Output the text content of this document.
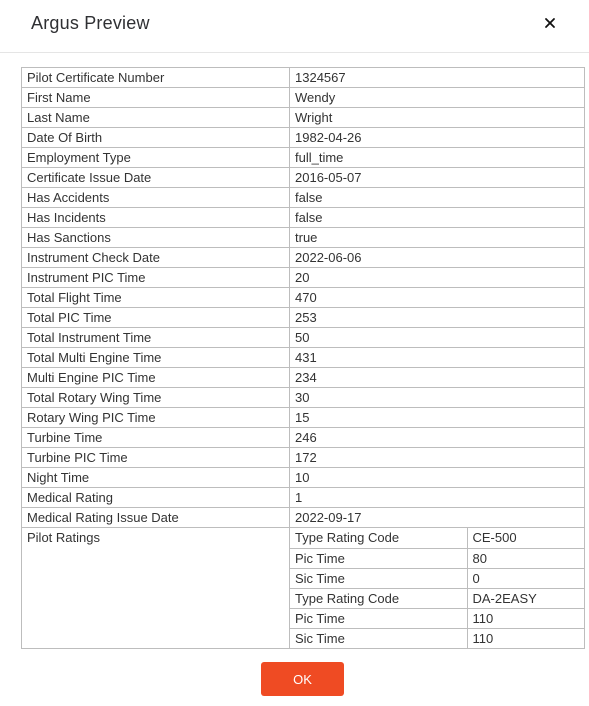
Argus Preview
Pilot Certificate Number	1324567
First Name	Wendy
Last Name	Wright
Date Of Birth	1982-04-26
Employment Type	full_time
Certificate Issue Date	2016-05-07
Has Accidents	false
Has Incidents	false
Has Sanctions	true
Instrument Check Date	2022-06-06
Instrument PIC Time	20
Total Flight Time	470
Total PIC Time	253
Total Instrument Time	50
Total Multi Engine Time	431
Multi Engine PIC Time	234
Total Rotary Wing Time	30
Rotary Wing PIC Time	15
Turbine Time	246
Turbine PIC Time	172
Night Time	10
Medical Rating	1
Medical Rating Issue Date	2022-09-17
Pilot Ratings		Type Rating Code	CE-500
Pic Time	80
Sic Time	0
Type Rating Code	DA-2EASY
Pic Time	110
Sic Time	110
OK
